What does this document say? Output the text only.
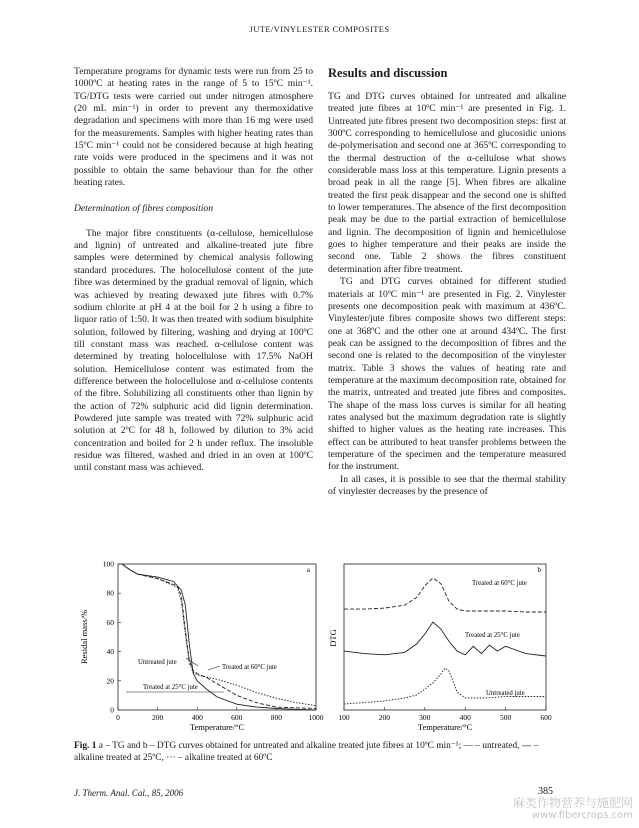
JUTE/VINYLESTER COMPOSITES

Temperature programs for dynamic tests were run from 25 to 1000ºC at heating rates in the range of 5 to 15ºC min⁻¹. TG/DTG tests were carried out under nitrogen atmosphere (20 mL min⁻¹) in order to prevent any thermoxidative degradation and specimens with more than 16 mg were used for the measurements. Samples with higher heating rates than 15ºC min⁻¹ could not be considered because at high heating rate voids were produced in the specimens and it was not possible to obtain the same behaviour than for the other heating rates.

Determination of fibres composition

The major fibre constituents (α-cellulose, hemicellulose and lignin) of untreated and alkaline-treated jute fibre samples were determined by chemical analysis following standard procedures. The holocellulose content of the jute fibre was determined by the gradual removal of lignin, which was achieved by treating dewaxed jute fibres with 0.7% sodium chlorite at pH 4 at the boil for 2 h using a fibre to liquor ratio of 1:50. It was then treated with sodium bisulphite solution, followed by filtering, washing and drying at 100ºC till constant mass was reached. α-cellulose content was determined by treating holocellulose with 17.5% NaOH solution. Hemicellulose content was estimated from the difference between the holocellulose and α-cellulose contents of the fibre. Solubilizing all constituents other than lignin by the action of 72% sulphuric acid did lignin determination. Powdered jute sample was treated with 72% sulphuric acid solution at 2ºC for 48 h, followed by dilution to 3% acid concentration and boiled for 2 h under reflux. The insoluble residue was filtered, washed and dried in an oven at 100ºC until constant mass was achieved.

Results and discussion

TG and DTG curves obtained for untreated and alkaline treated jute fibres at 10ºC min⁻¹ are presented in Fig. 1. Untreated jute fibres present two decomposition steps: first at 300ºC corresponding to hemicellulose and glucosidic unions de-polymerisation and second one at 365ºC corresponding to the thermal destruction of the α-cellulose what shows considerable mass loss at this temperature. Lignin presents a broad peak in all the range [5]. When fibres are alkaline treated the first peak disappear and the second one is shifted to lower temperatures. The absence of the first decomposition peak may be due to the partial extraction of hemicellulose and lignin. The decomposition of lignin and hemicellulose goes to higher temperature and their peaks are inside the second one. Table 2 shows the fibres constituent determination after fibre treatment.

TG and DTG curves obtained for different studied materials at 10ºC min⁻¹ are presented in Fig. 2. Vinylester presents one decomposition peak with maximum at 436ºC. Vinylester/jute fibres composite shows two different steps: one at 368ºC and the other one at around 434ºC. The first peak can be assigned to the decomposition of fibres and the second one is related to the decomposition of the vinylester matrix. Table 3 shows the values of heating rate and temperature at the maximum decomposition rate, obtained for the matrix, untreated and treated jute fibres and composites. The shape of the mass loss curves is similar for all heating rates analysed but the maximum degradation rate is slightly shifted to higher values as the heating rate increases. This effect can be attributed to heat transfer problems between the temperature of the specimen and the temperature measured for the instrument.

In all cases, it is possible to see that the thermal stability of vinylester decreases by the presence of

a
Residal mass/%
Temperature/°C
0	200	400	600	800	1000
0
20
40
60
80
100
Untreated jute
Treated at 60°C jute
Treated at 25°C jute
b
DTG
Temperature/°C
100	200	300	400	500	600
Treated at 60°C jute
Treated at 25°C jute
Untreated jute
Fig. 1 a – TG and b – DTG curves obtained for untreated and alkaline treated jute fibres at 10ºC min⁻¹; –– – untreated, --- – alkaline treated at 25ºC, ··· – alkaline treated at 60ºC
J. Therm. Anal. Cal., 85, 2006	385
麻类作物营养与施肥网
www.fibercrops.com
